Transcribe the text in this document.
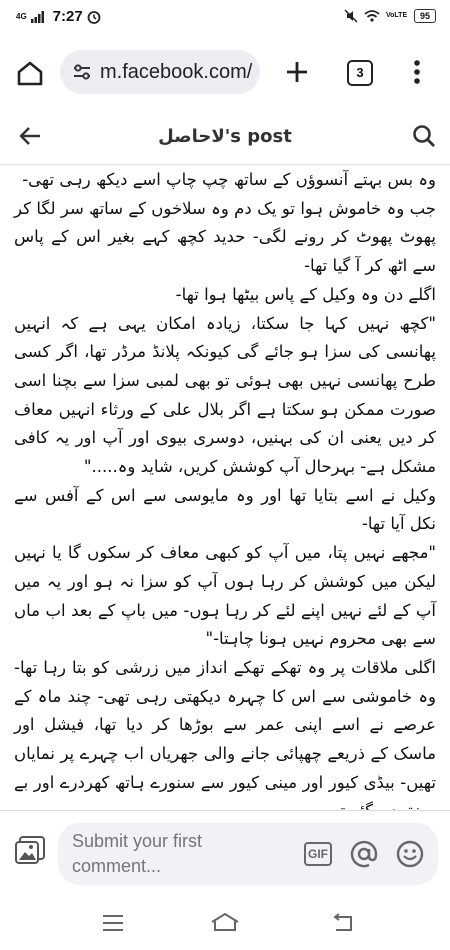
4G 7:27	VoLTE	95
m.facebook.com/	3
لاحاصل's post

وہ بس بہتے آنسوؤں کے ساتھ چپ چاپ اسے دیکھ رہی تھی-

جب وہ خاموش ہوا تو یک دم وہ سلاخوں کے ساتھ سر لگا کر پھوٹ پھوٹ کر رونے لگی- حدید کچھ کہے بغیر اس کے پاس سے اٹھ کر آ گیا تھا-

اگلے دن وہ وکیل کے پاس بیٹھا ہوا تھا-

"کچھ نہیں کہا جا سکتا، زیادہ امکان یہی ہے کہ انہیں پھانسی کی سزا ہو جائے گی کیونکہ پلانڈ مرڈر تھا، اگر کسی طرح پھانسی نہیں بھی ہوئی تو بھی لمبی سزا سے بچنا اسی صورت ممکن ہو سکتا ہے اگر بلال علی کے ورثاء انہیں معاف کر دیں یعنی ان کی بہنیں، دوسری بیوی اور آپ اور یہ کافی مشکل ہے- بہرحال آپ کوشش کریں، شاید وہ....."

وکیل نے اسے بتایا تھا اور وہ مایوسی سے اس کے آفس سے نکل آیا تھا-

"مجھے نہیں پتا، میں آپ کو کبھی معاف کر سکوں گا یا نہیں لیکن میں کوشش کر رہا ہوں آپ کو سزا نہ ہو اور یہ میں آپ کے لئے نہیں اپنے لئے کر رہا ہوں- میں باپ کے بعد اب ماں سے بھی محروم نہیں ہونا چاہتا-"

اگلی ملاقات پر وہ تھکے تھکے انداز میں زرشی کو بتا رہا تھا- وہ خاموشی سے اس کا چہرہ دیکھتی رہی تھی- چند ماہ کے عرصے نے اسے اپنی عمر سے بوڑھا کر دیا تھا، فیشل اور ماسک کے ذریعے چھپائی جانے والی جھریاں اب چہرے پر نمایاں تھیں- بیڈی کیور اور مینی کیور سے سنورے ہاتھ کھردرے اور بے

Submit your first comment...
GIF
